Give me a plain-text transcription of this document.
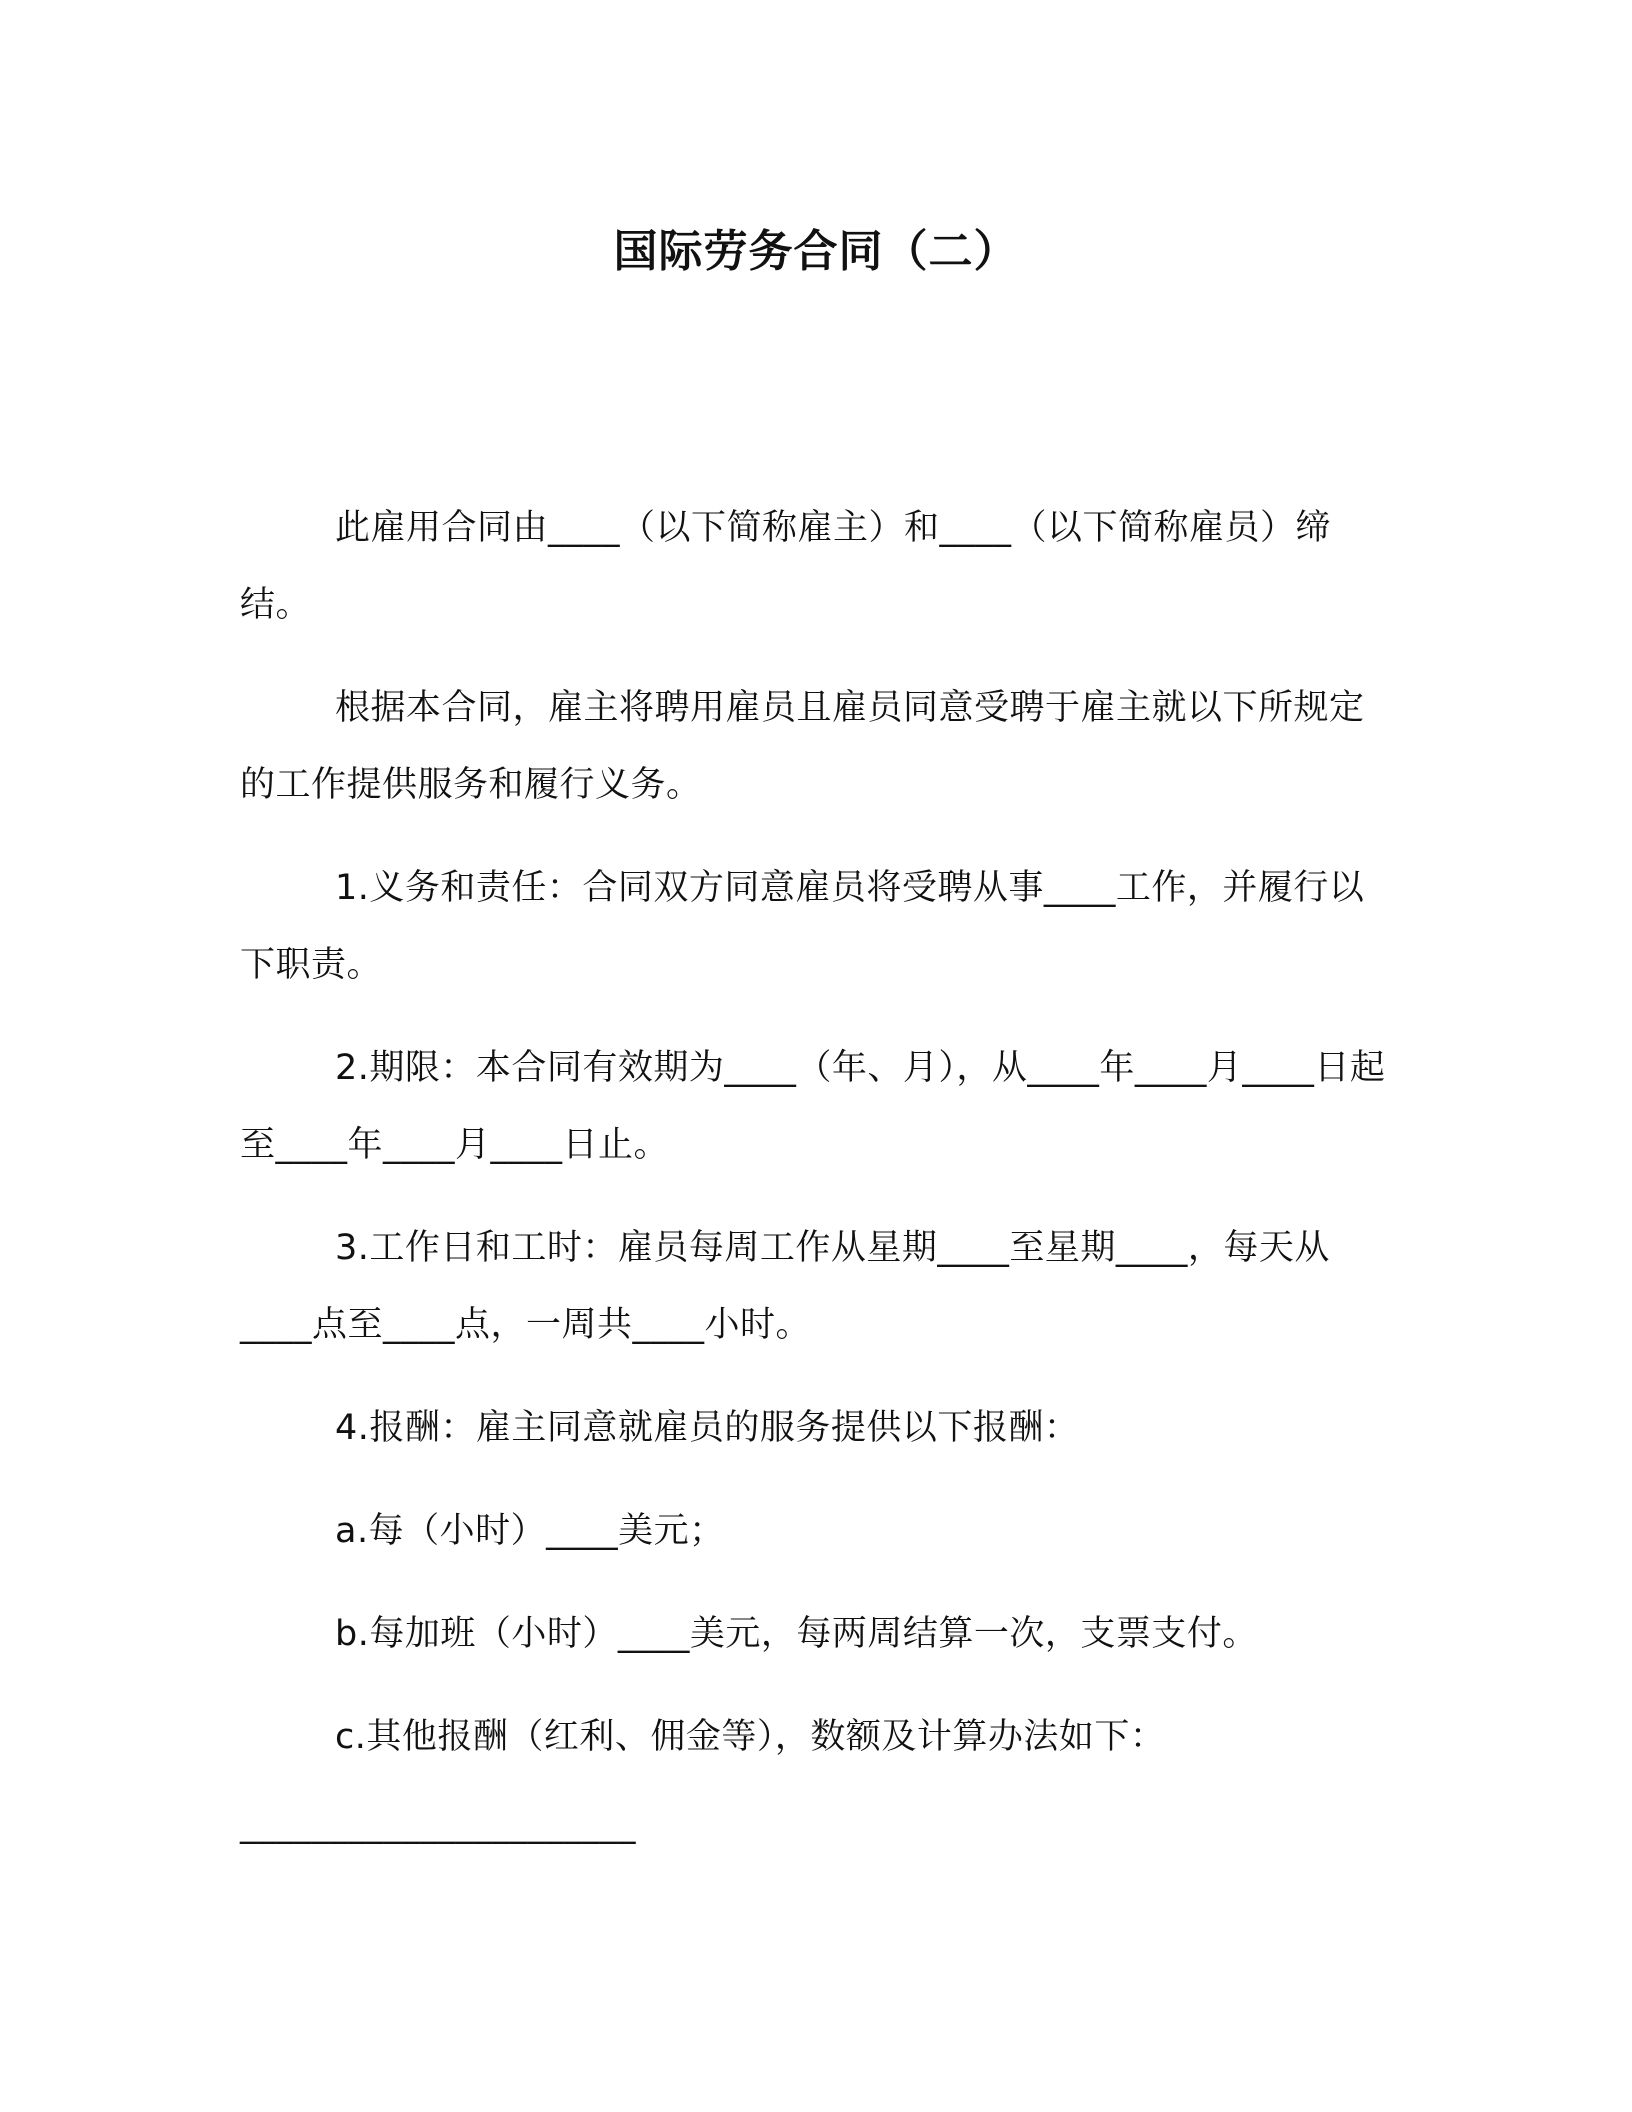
国际劳务合同（二）

此雇用合同由____（以下简称雇主）和____（以下简称雇员）缔结。

根据本合同，雇主将聘用雇员且雇员同意受聘于雇主就以下所规定的工作提供服务和履行义务。

1.义务和责任：合同双方同意雇员将受聘从事____工作，并履行以下职责。

2.期限：本合同有效期为____（年、月），从____年____月____日起至____年____月____日止。

3.工作日和工时：雇员每周工作从星期____至星期____，每天从____点至____点，一周共____小时。

4.报酬：雇主同意就雇员的服务提供以下报酬：

a.每（小时）____美元；

b.每加班（小时）____美元，每两周结算一次，支票支付。

c.其他报酬（红利、佣金等），数额及计算办法如下：

______________________
